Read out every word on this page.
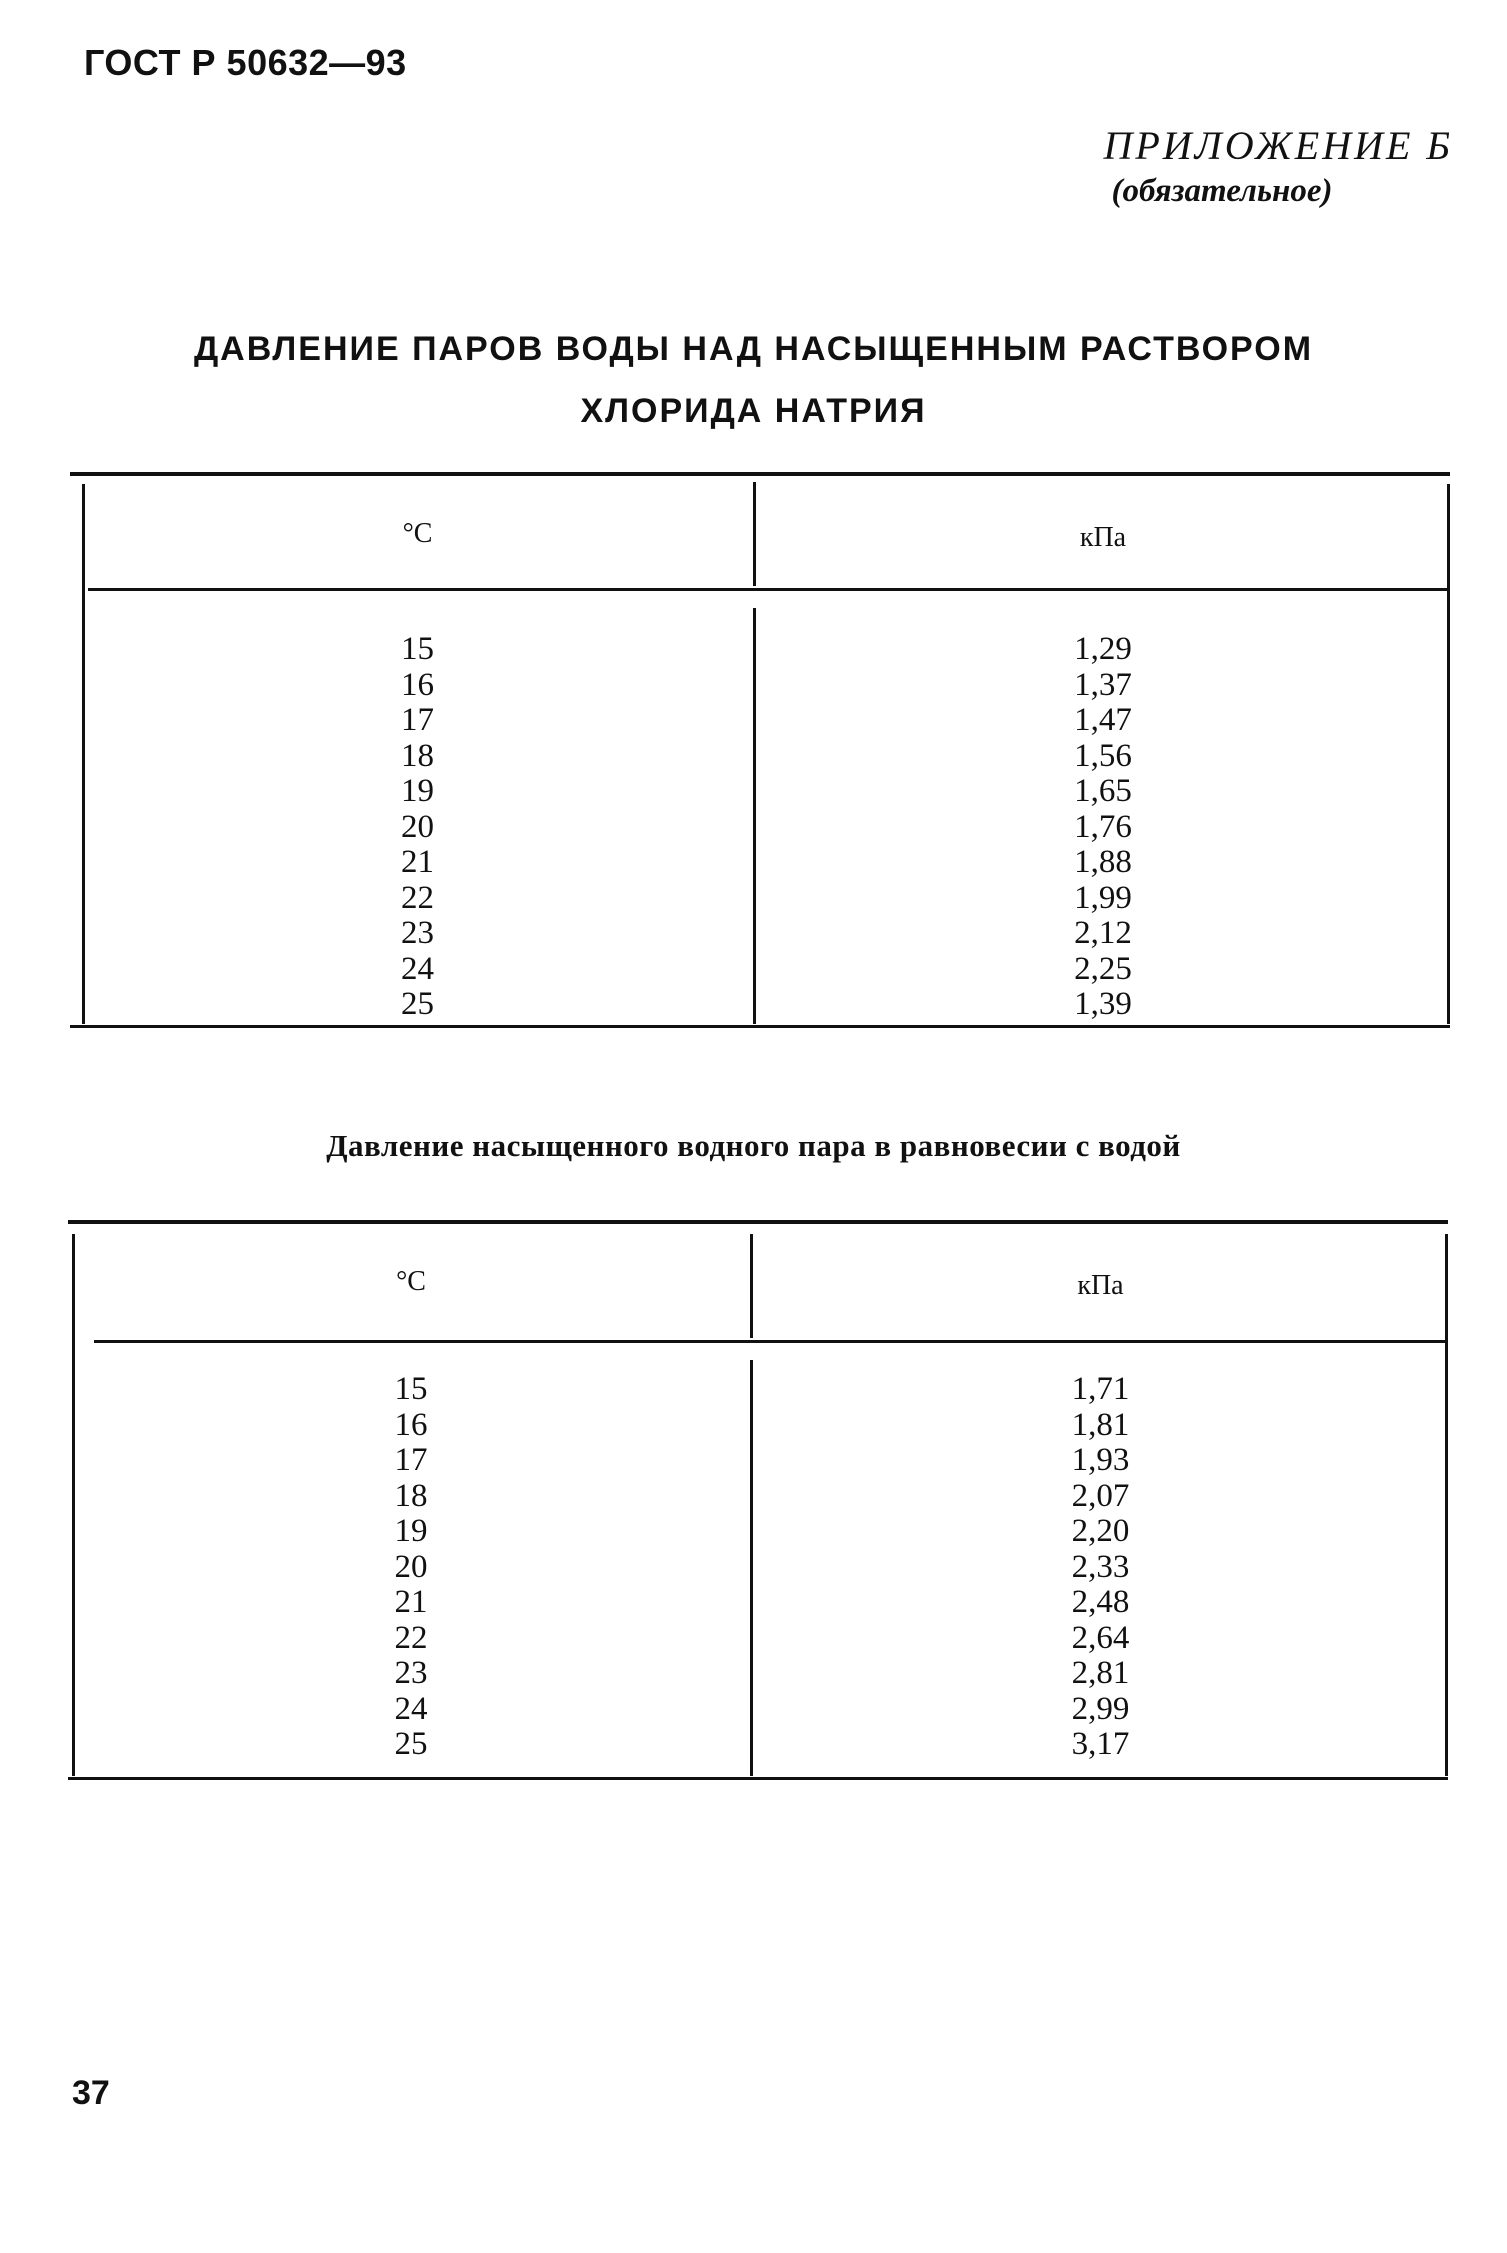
ГОСТ Р 50632—93
ПРИЛОЖЕНИЕ Б
(обязательное)
ДАВЛЕНИЕ ПАРОВ ВОДЫ НАД НАСЫЩЕННЫМ РАСТВОРОМ
ХЛОРИДА НАТРИЯ
°C	кПа
15
16
17
18
19
20
21
22
23
24
25
1,29
1,37
1,47
1,56
1,65
1,76
1,88
1,99
2,12
2,25
1,39
Давление насыщенного водного пара в равновесии с водой
°C	кПа
15
16
17
18
19
20
21
22
23
24
25
1,71
1,81
1,93
2,07
2,20
2,33
2,48
2,64
2,81
2,99
3,17
37
